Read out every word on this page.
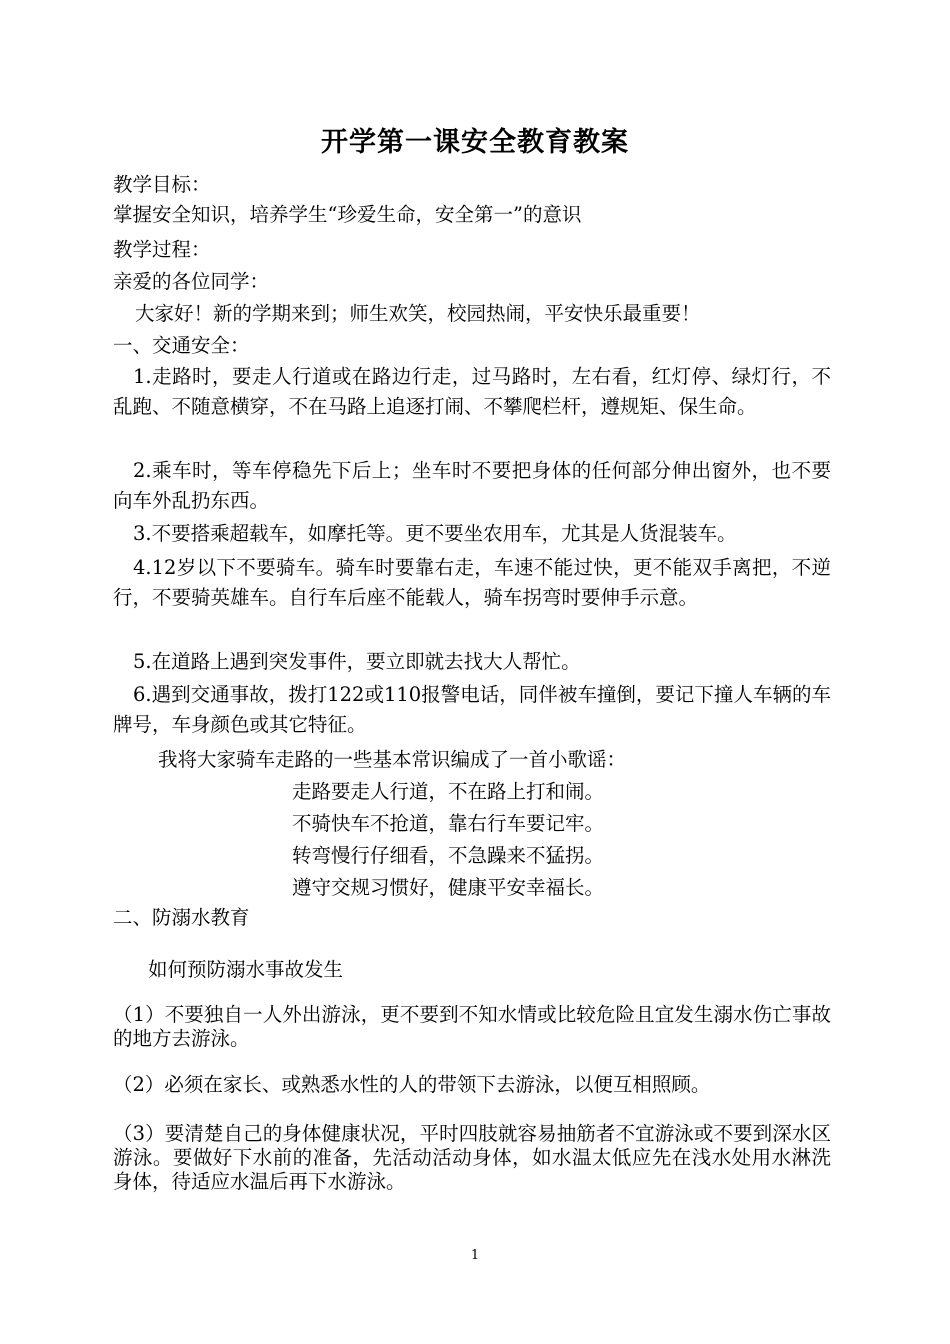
开学第一课安全教育教案
教学目标：
掌握安全知识，培养学生“珍爱生命，安全第一”的意识
教学过程：
亲爱的各位同学：
大家好！新的学期来到；师生欢笑，校园热闹，平安快乐最重要！
一、交通安全：
1.走路时，要走人行道或在路边行走，过马路时，左右看，红灯停、绿灯行，不乱跑、不随意横穿，不在马路上追逐打闹、不攀爬栏杆，遵规矩、保生命。
2.乘车时，等车停稳先下后上；坐车时不要把身体的任何部分伸出窗外，也不要向车外乱扔东西。
3.不要搭乘超载车，如摩托等。更不要坐农用车，尤其是人货混装车。
4.12岁以下不要骑车。骑车时要靠右走，车速不能过快，更不能双手离把，不逆行，不要骑英雄车。自行车后座不能载人，骑车拐弯时要伸手示意。
5.在道路上遇到突发事件，要立即就去找大人帮忙。
6.遇到交通事故，拨打122或110报警电话，同伴被车撞倒，要记下撞人车辆的车牌号，车身颜色或其它特征。
我将大家骑车走路的一些基本常识编成了一首小歌谣：
走路要走人行道，不在路上打和闹。
不骑快车不抢道，靠右行车要记牢。
转弯慢行仔细看，不急躁来不猛拐。
遵守交规习惯好，健康平安幸福长。
二、防溺水教育
如何预防溺水事故发生
（1）不要独自一人外出游泳，更不要到不知水情或比较危险且宜发生溺水伤亡事故的地方去游泳。
（2）必须在家长、或熟悉水性的人的带领下去游泳，以便互相照顾。
（3）要清楚自己的身体健康状况，平时四肢就容易抽筋者不宜游泳或不要到深水区游泳。要做好下水前的准备，先活动活动身体，如水温太低应先在浅水处用水淋洗身体，待适应水温后再下水游泳。
1
